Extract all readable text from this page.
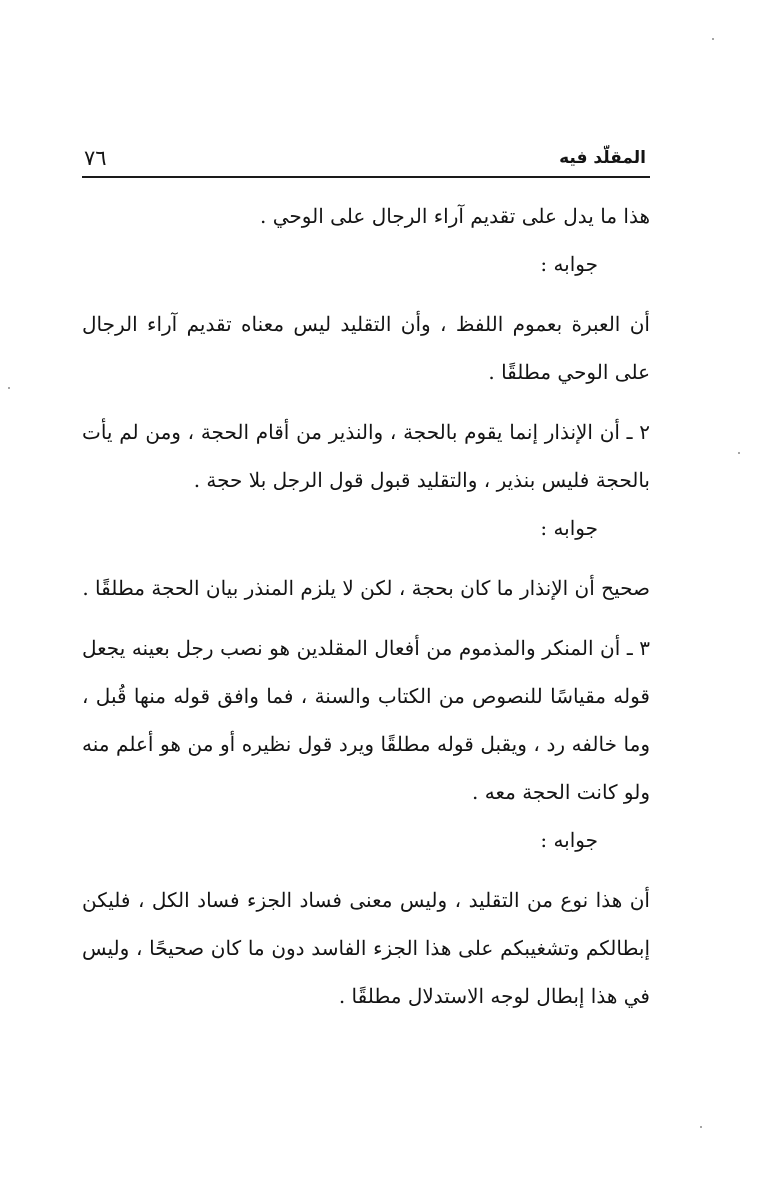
المقلّد فيه
٧٦

هذا ما يدل على تقديم آراء الرجال على الوحي .

جوابه :

أن العبرة بعموم اللفظ ، وأن التقليد ليس معناه تقديم آراء الرجال على الوحي مطلقًا .

٢ ـ أن الإنذار إنما يقوم بالحجة ، والنذير من أقام الحجة ، ومن لم يأت بالحجة فليس بنذير ، والتقليد قبول قول الرجل بلا حجة .

جوابه :

صحيح أن الإنذار ما كان بحجة ، لكن لا يلزم المنذر بيان الحجة مطلقًا .

٣ ـ أن المنكر والمذموم من أفعال المقلدين هو نصب رجل بعينه يجعل قوله مقياسًا للنصوص من الكتاب والسنة ، فما وافق قوله منها قُبل ، وما خالفه رد ، ويقبل قوله مطلقًا ويرد قول نظيره أو من هو أعلم منه ولو كانت الحجة معه .

جوابه :

أن هذا نوع من التقليد ، وليس معنى فساد الجزء فساد الكل ، فليكن إبطالكم وتشغيبكم على هذا الجزء الفاسد دون ما كان صحيحًا ، وليس في هذا إبطال لوجه الاستدلال مطلقًا .
